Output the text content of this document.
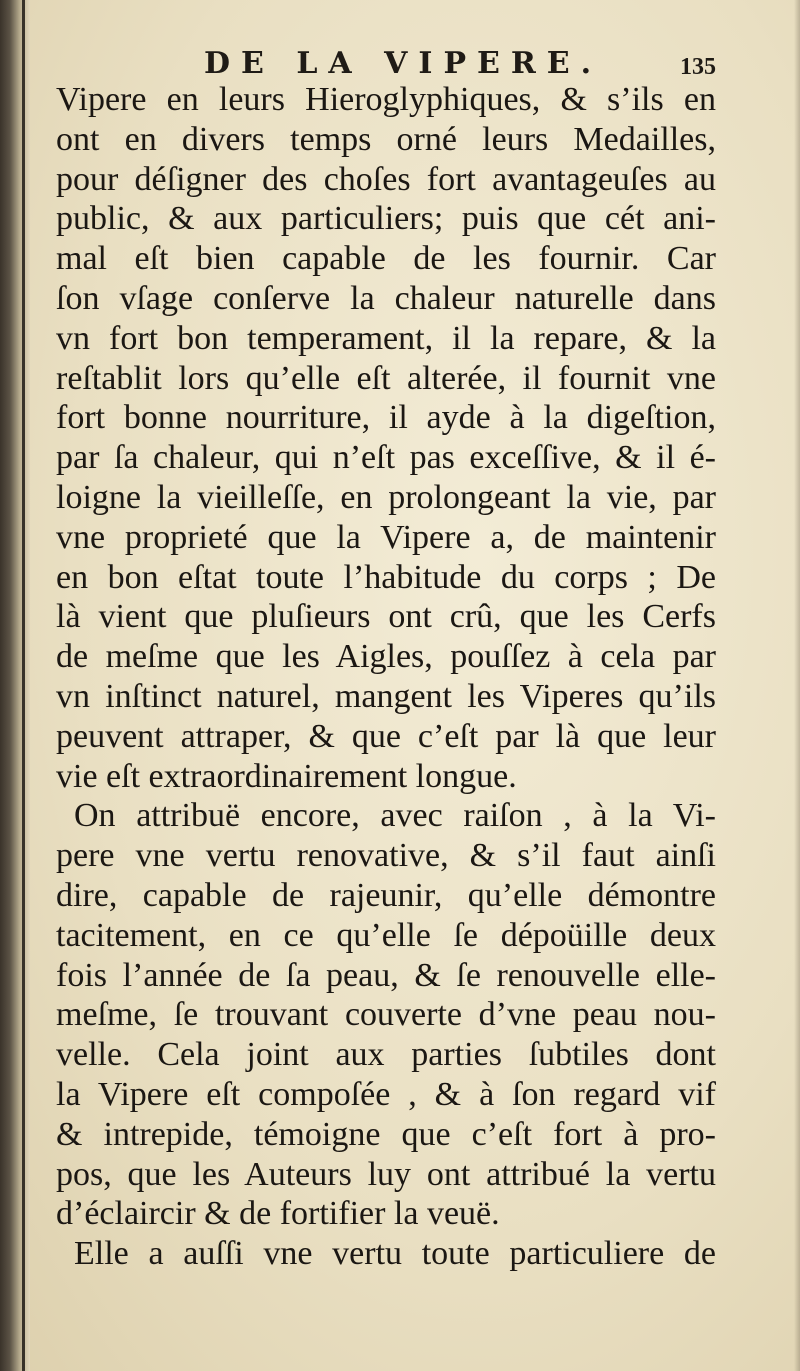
DE LA VIPERE.	135
Vipere en leurs Hieroglyphiques, & s’ils en
ont en divers temps orné leurs Medailles,
pour déſigner des choſes fort avantageuſes au
public, & aux particuliers; puis que cét ani-
mal eſt bien capable de les fournir. Car
ſon vſage conſerve la chaleur naturelle dans
vn fort bon temperament, il la repare, & la
reſtablit lors qu’elle eſt alterée, il fournit vne
fort bonne nourriture, il ayde à la digeſtion,
par ſa chaleur, qui n’eſt pas exceſſive, & il é-
loigne la vieilleſſe, en prolongeant la vie, par
vne proprieté que la Vipere a, de maintenir
en bon eſtat toute l’habitude du corps ; De
là vient que pluſieurs ont crû, que les Cerfs
de meſme que les Aigles, pouſſez à cela par
vn inſtinct naturel, mangent les Viperes qu’ils
peuvent attraper, & que c’eſt par là que leur
vie eſt extraordinairement longue.
On attribuë encore, avec raiſon , à la Vi-
pere vne vertu renovative, & s’il faut ainſi
dire, capable de rajeunir, qu’elle démontre
tacitement, en ce qu’elle ſe dépoüille deux
fois l’année de ſa peau, & ſe renouvelle elle-
meſme, ſe trouvant couverte d’vne peau nou-
velle. Cela joint aux parties ſubtiles dont
la Vipere eſt compoſée , & à ſon regard vif
& intrepide, témoigne que c’eſt fort à pro-
pos, que les Auteurs luy ont attribué la vertu
d’éclaircir & de fortifier la veuë.
Elle a auſſi vne vertu toute particuliere de
